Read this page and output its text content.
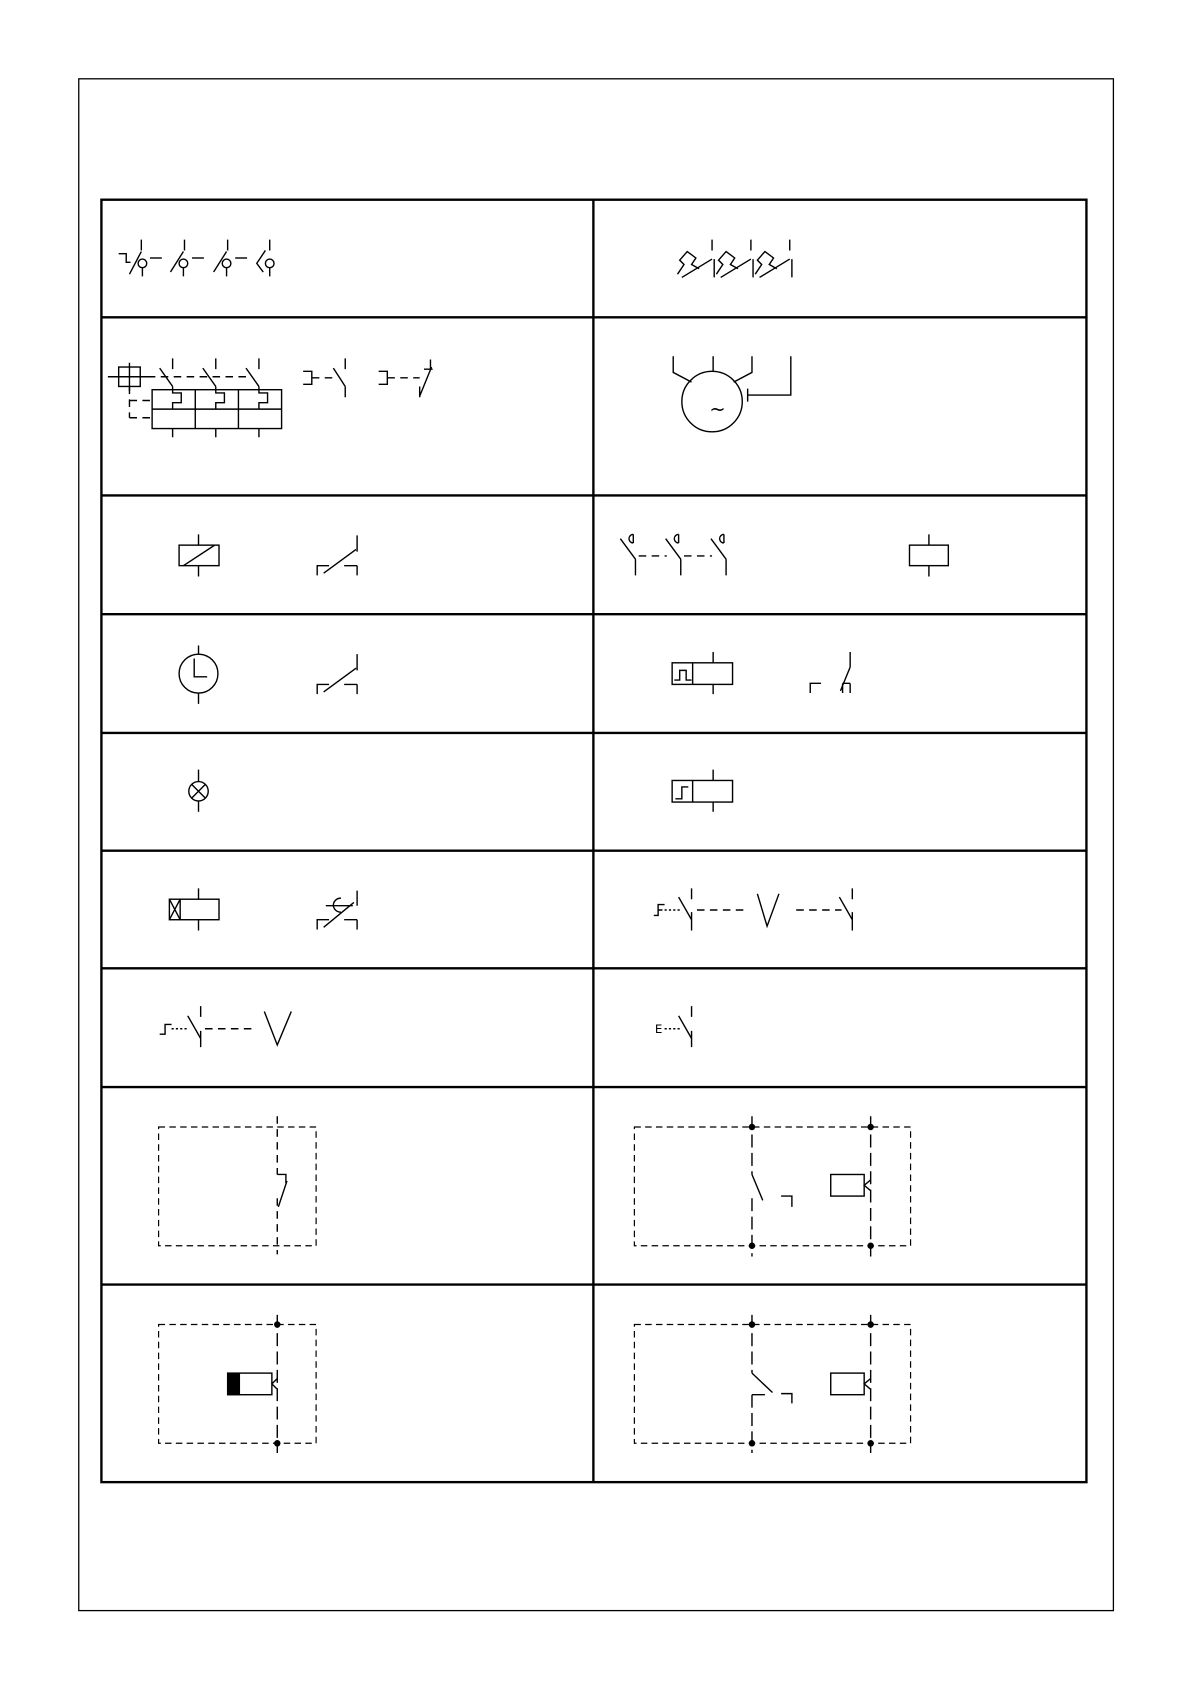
~
E
